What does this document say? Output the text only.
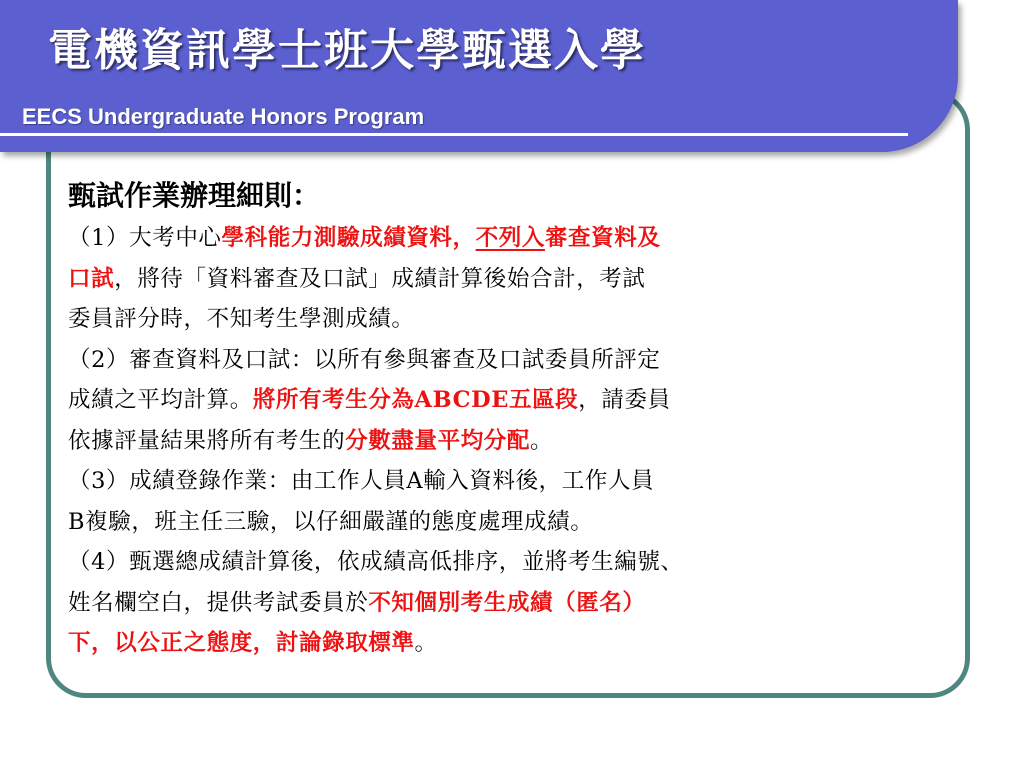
電機資訊學士班大學甄選入學
EECS Undergraduate Honors Program
甄試作業辦理細則：
（1）大考中心學科能力測驗成績資料，不列入審查資料及
口試，將待「資料審查及口試」成績計算後始合計，考試
委員評分時，不知考生學測成績。
（2）審查資料及口試：以所有參與審查及口試委員所評定
成績之平均計算。將所有考生分為ABCDE五區段，請委員
依據評量結果將所有考生的分數盡量平均分配。
（3）成績登錄作業：由工作人員A輸入資料後，工作人員
B複驗，班主任三驗，以仔細嚴謹的態度處理成績。
（4）甄選總成績計算後，依成績高低排序，並將考生編號、
姓名欄空白，提供考試委員於不知個別考生成績（匿名）
下，以公正之態度，討論錄取標準。
